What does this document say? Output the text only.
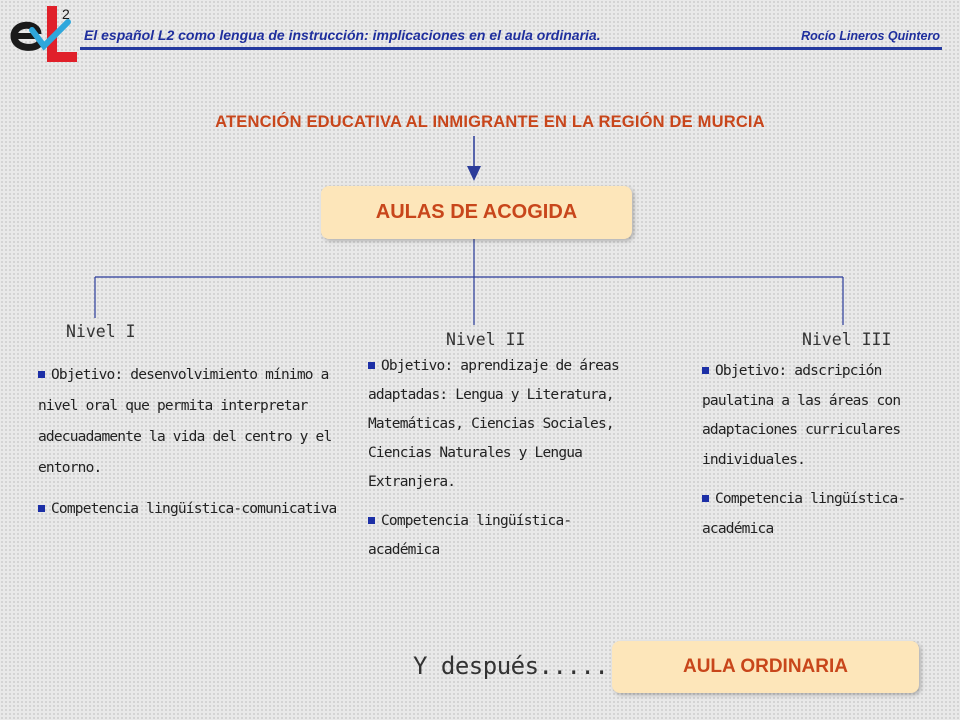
2
El español L2 como lengua de instrucción: implicaciones en el aula ordinaria.	Rocío Lineros Quintero
ATENCIÓN EDUCATIVA AL INMIGRANTE EN LA REGIÓN DE MURCIA
AULAS DE ACOGIDA
Nivel I	Nivel II	Nivel III

Objetivo: desenvolvimiento mínimo a nivel oral que permita interpretar adecuadamente la vida del centro y el entorno.

Competencia lingüística-comunicativa

Objetivo: aprendizaje de áreas adaptadas: Lengua y Literatura, Matemáticas, Ciencias Sociales, Ciencias Naturales y Lengua Extranjera.

Competencia lingüística-académica

Objetivo: adscripción paulatina a las áreas con adaptaciones curriculares individuales.

Competencia lingüística-académica

Y después.....	AULA ORDINARIA
